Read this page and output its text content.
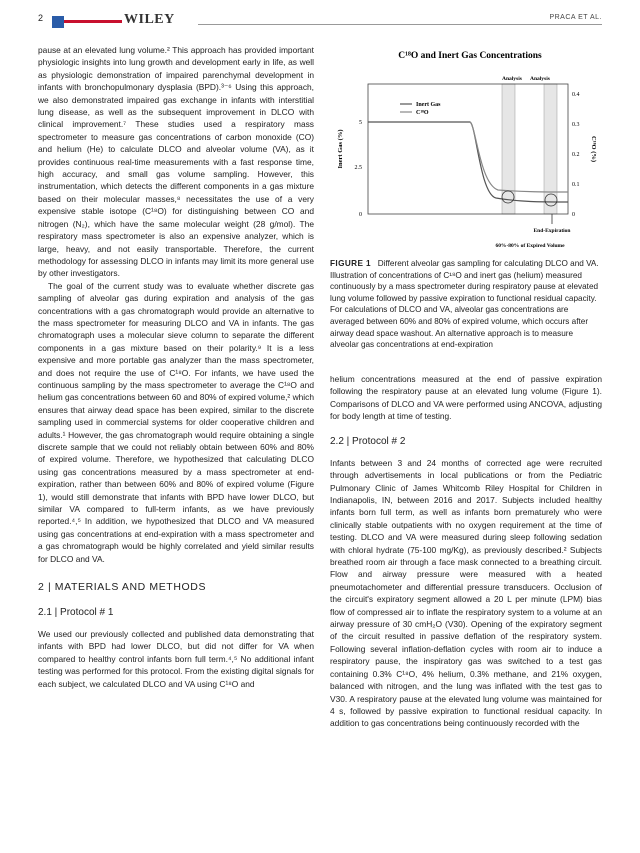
2	WILEY	PRACA ET AL.

pause at an elevated lung volume.² This approach has provided important physiologic insights into lung growth and development early in life, as well as physiologic demonstration of impaired parenchymal development in infants with bronchopulmonary dysplasia (BPD).³⁻⁶ Using this approach, we also demonstrated impaired gas exchange in infants with interstitial lung disease, as well as the subsequent improvement in DLCO with clinical improvement.⁷ These studies used a respiratory mass spectrometer to measure gas concentrations of carbon monoxide (CO) and helium (He) to calculate DLCO and alveolar volume (VA), as it provides continuous real-time measurements with a fast response time, high accuracy, and small gas volume sampling. However, this instrumentation, which detects the different components in a gas mixture based on their molecular masses,⁸ necessitates the use of a very expensive stable isotope (C¹⁸O) for distinguishing between CO and nitrogen (N₂), which have the same molecular weight (28 g/mol). The respiratory mass spectrometer is also an expensive analyzer, which is large, heavy, and not easily transportable. Therefore, the current methodology for assessing DLCO in infants may limit its more general use by other investigators.

The goal of the current study was to evaluate whether discrete gas sampling of alveolar gas during expiration and analysis of the gas concentrations with a gas chromatograph would provide an alternative to the mass spectrometer for measuring DLCO and VA in infants. The gas chromatograph uses a molecular sieve column to separate the different components in a gas mixture based on their polarity.⁹ It is a less expensive and more portable gas analyzer than the mass spectrometer, and does not require the use of C¹⁸O. For infants, we have used the continuous sampling by the mass spectrometer to average the C¹⁸O and helium gas concentrations between 60 and 80% of expired volume,² which ensures that airway dead space has been expired, similar to the discrete sampling used in commercial systems for older cooperative children and adults.¹ However, the gas chromatograph would require obtaining a single discrete sample that we could not reliably obtain between 60% and 80% of expired volume. Therefore, we hypothesized that calculating DLCO using gas concentrations measured by a mass spectrometer at end-expiration, rather than between 60% and 80% of expired volume (Figure 1), would still demonstrate that infants with BPD have lower DLCO, but similar VA compared to full-term infants, as we have previously reported.⁴,⁵ In addition, we hypothesized that DLCO and VA measured using gas concentrations at end-expiration with a mass spectrometer and a gas chromatograph would be highly correlated and yield similar results for DLCO and VA.

2 | MATERIALS AND METHODS
2.1 | Protocol # 1

We used our previously collected and published data demonstrating that infants with BPD had lower DLCO, but did not differ for VA when compared to healthy control infants born full term.⁴,⁵ No additional infant testing was performed for this protocol. From the existing digital signals for each subject, we calculated DLCO and VA using C¹⁸O and

C¹⁸O and Inert Gas Concentrations
Analysis Analysis
Inert Gas
C¹⁸O
5
2.5
0
Inert Gas (%)
0.4
0.3
0.2
0.1
0
C¹⁸O (%)
End-Expiration
60%-80% of Expired Volume
FIGURE 1 Different alveolar gas sampling for calculating DLCO and VA. Illustration of concentrations of C¹⁸O and inert gas (helium) measured continuously by a mass spectrometer during respiratory pause at elevated lung volume followed by passive expiration to functional residual capacity. For calculations of DLCO and VA, alveolar gas concentrations are averaged between 60% and 80% of expired volume, which occurs after airway dead space washout. An alternative approach is to measure alveolar gas concentrations at end-expiration

helium concentrations measured at the end of passive expiration following the respiratory pause at an elevated lung volume (Figure 1). Comparisons of DLCO and VA were performed using ANCOVA, adjusting for body length at time of testing.

2.2 | Protocol # 2

Infants between 3 and 24 months of corrected age were recruited through advertisements in local publications or from the Pediatric Pulmonary Clinic of James Whitcomb Riley Hospital for Children in Indianapolis, IN, between 2016 and 2017. Subjects included healthy infants born full term, as well as infants born prematurely who were clinically stable outpatients with no oxygen requirement at the time of testing. DLCO and VA were measured during sleep following sedation with chloral hydrate (75-100 mg/Kg), as previously described.² Subjects breathed room air through a face mask connected to a breathing circuit. Flow and airway pressure were measured with a heated pneumotachometer and differential pressure transducers. Occlusion of the circuit's expiratory segment allowed a 20 L per minute (LPM) bias flow of compressed air to inflate the respiratory system to a volume at an airway pressure of 30 cmH₂O (V30). Opening of the expiratory segment of the circuit resulted in passive deflation of the respiratory system. Following several inflation-deflation cycles with room air to induce a respiratory pause, the inspiratory gas was switched to a test gas containing 0.3% C¹⁸O, 4% helium, 0.3% methane, and 21% oxygen, balanced with nitrogen, and the lung was inflated with the test gas to V30. A respiratory pause at the elevated lung volume was maintained for 4 s, followed by passive expiration to functional residual capacity. In addition to gas concentrations being continuously recorded with the
